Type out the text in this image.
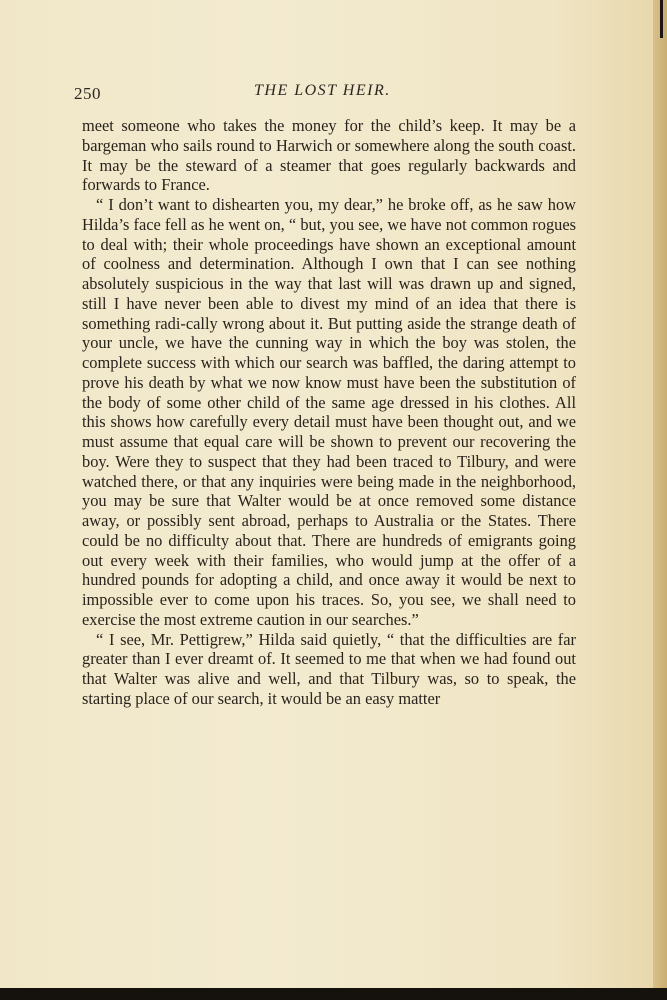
250	THE LOST HEIR.

meet someone who takes the money for the child’s keep. It may be a bargeman who sails round to Harwich or somewhere along the south coast. It may be the steward of a steamer that goes regularly backwards and forwards to France.

“ I don’t want to dishearten you, my dear,” he broke off, as he saw how Hilda’s face fell as he went on, “ but, you see, we have not common rogues to deal with; their whole proceedings have shown an exceptional amount of coolness and determination. Although I own that I can see nothing absolutely suspicious in the way that last will was drawn up and signed, still I have never been able to divest my mind of an idea that there is something radi-cally wrong about it. But putting aside the strange death of your uncle, we have the cunning way in which the boy was stolen, the complete success with which our search was baffled, the daring attempt to prove his death by what we now know must have been the substitution of the body of some other child of the same age dressed in his clothes. All this shows how carefully every detail must have been thought out, and we must assume that equal care will be shown to prevent our recovering the boy. Were they to suspect that they had been traced to Tilbury, and were watched there, or that any inquiries were being made in the neighborhood, you may be sure that Walter would be at once removed some distance away, or possibly sent abroad, perhaps to Australia or the States. There could be no difficulty about that. There are hundreds of emigrants going out every week with their families, who would jump at the offer of a hundred pounds for adopting a child, and once away it would be next to impossible ever to come upon his traces. So, you see, we shall need to exercise the most extreme caution in our searches.”

“ I see, Mr. Pettigrew,” Hilda said quietly, “ that the difficulties are far greater than I ever dreamt of. It seemed to me that when we had found out that Walter was alive and well, and that Tilbury was, so to speak, the starting place of our search, it would be an easy matter
